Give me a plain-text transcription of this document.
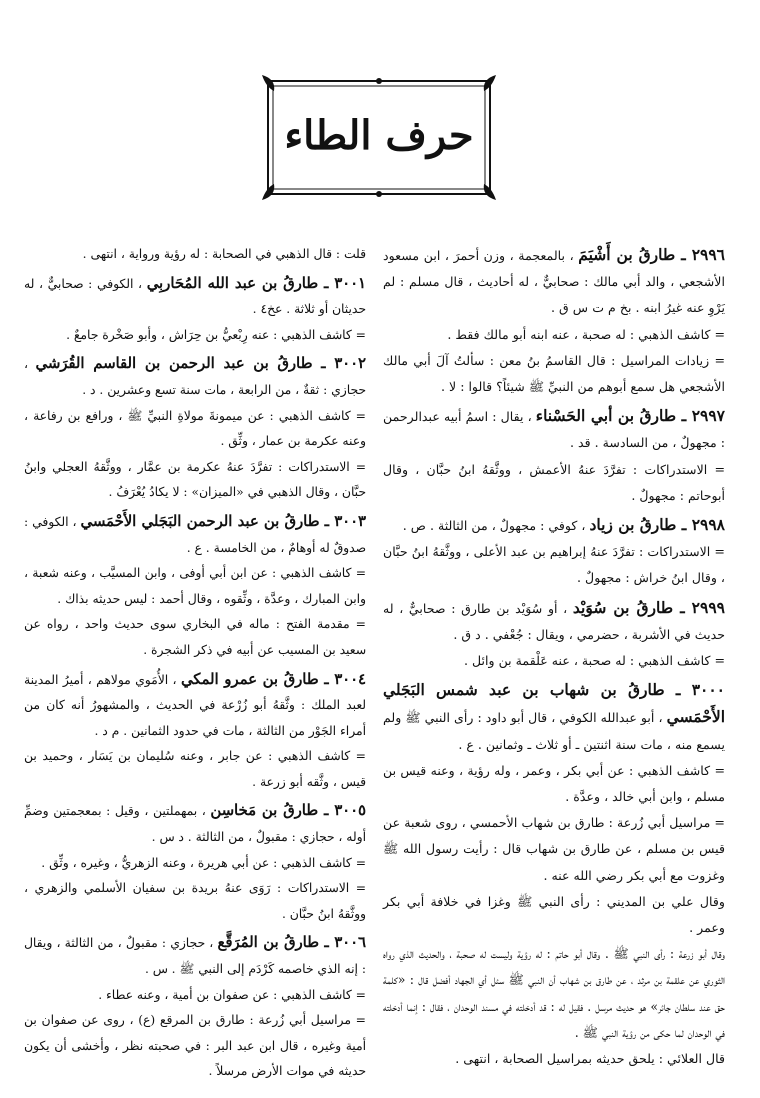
حرف الطاء

٢٩٩٦ ـ طارقُ بن أَشْيَمَ ، بالمعجمة ، وزن أحمرَ ، ابن مسعود الأشجعي ، والد أبي مالك : صحابيٌّ ، له أحاديث ، قال مسلم : لم يَرْوِ عنه غيرُ ابنه . بخ م ت س ق .

= كاشف الذهبي : له صحبة ، عنه ابنه أبو مالك فقط .

= زيادات المراسيل : قال القاسمُ بنُ معن : سألتُ آلَ أبي مالك الأشجعي هل سمع أبوهم من النبيِّ ﷺ شيئاً؟ قالوا : لا .

٢٩٩٧ ـ طارقُ بن أبي الحَسْناء ، يقال : اسمُ أبيه عبدالرحمن : مجهولٌ ، من السادسة . قد .

= الاستدراكات : تفرَّدَ عنهُ الأعمش ، ووثَّقهُ ابنُ حبَّان ، وقال أبوحاتم : مجهولٌ .

٢٩٩٨ ـ طارقُ بن زياد ، كوفي : مجهولٌ ، من الثالثة . ص .

= الاستدراكات : تفرَّدَ عنهُ إبراهيم بن عبد الأعلى ، ووثَّقهُ ابنُ حبَّان ، وقال ابنُ خراش : مجهولٌ .

٢٩٩٩ ـ طارقُ بن سُوَيْد ، أو سُوَيْد بن طارق : صحابيٌّ ، له حديث في الأشربة ، حضرمي ، ويقال : جُعْفي . د ق .

= كاشف الذهبي : له صحبة ، عنه عَلْقمة بن وائل .

٣٠٠٠ ـ طارقُ بن شهاب بن عبد شمس البَجَلي الأَحْمَسي ، أبو عبدالله الكوفي ، قال أبو داود : رأى النبي ﷺ ولم يسمع منه ، مات سنة اثنتين ـ أو ثلاث ـ وثمانين . ع .

= كاشف الذهبي : عن أبي بكر ، وعمر ، وله رؤية ، وعنه قيس بن مسلم ، وابن أبي خالد ، وعدَّة .

= مراسيل أبي زُرعة : طارق بن شهاب الأحمسي ، روى شعبة عن قيس بن مسلم ، عن طارق بن شهاب قال : رأيت رسول الله ﷺ وغزوت مع أبي بكر رضي الله عنه .

وقال علي بن المديني : رأى النبي ﷺ وغزا في خلافة أبي بكر وعمر .

وقال أبو زرعة : رأى النبي ﷺ . وقال أبو حاتم : له رؤية وليست له صحبة ، والحديث الذي رواه الثوري عن علقمة بن مرثد ، عن طارق بن شهاب أن النبي ﷺ سئل أي الجهاد أفضل قال : «كلمة حق عند سلطان جائر» هو حديث مرسل . فقيل له : قد أدخلته في مسند الوحدان ، فقال : إنما أدخلته في الوحدان لما حكى من رؤية النبي ﷺ .

قال العلائي : يلحق حديثه بمراسيل الصحابة ، انتهى .

قلت : قال الذهبي في الصحابة : له رؤية ورواية ، انتهى .

٣٠٠١ ـ طارقُ بن عبد الله المُحَاربِي ، الكوفي : صحابيٌّ ، له حديثان أو ثلاثة . عخ٤ .

= كاشف الذهبي : عنه رِبْعيُّ بن حِرَاش ، وأبو صَخْرة جامعٌ .

٣٠٠٢ ـ طارقُ بن عبد الرحمن بن القاسم القُرَشي ، حجازي : ثقةٌ ، من الرابعة ، مات سنة تسع وعشرين . د .

= كاشف الذهبي : عن ميمونةَ مولاةِ النبيِّ ﷺ ، ورافع بن رفاعة ، وعنه عكرمة بن عمار ، وثِّق .

= الاستدراكات : تفرَّدَ عنهُ عكرمة بن عمَّار ، ووثَّقهُ العجلي وابنُ حبَّان ، وقال الذهبي في «الميزان» : لا يكادُ يُعْرَفُ .

٣٠٠٣ ـ طارقُ بن عبد الرحمن البَجَلي الأَحْمَسي ، الكوفي : صدوقٌ له أوهامٌ ، من الخامسة . ع .

= كاشف الذهبي : عن ابن أبي أوفى ، وابن المسيَّب ، وعنه شعبة ، وابن المبارك ، وعدَّة ، وثِّقوه ، وقال أحمد : ليس حديثه بذاك .

= مقدمة الفتح : ماله في البخاري سوى حديث واحد ، رواه عن سعيد بن المسيب عن أبيه في ذكر الشجرة .

٣٠٠٤ ـ طارقُ بن عمرو المكي ، الأُمَوي مولاهم ، أميرُ المدينة لعبد الملك : وثَّقهُ أبو زُرْعة في الحديث ، والمشهورُ أنه كان من أمراء الجَوْر من الثالثة ، مات في حدود الثمانين . م د .

= كاشف الذهبي : عن جابر ، وعنه سُليمان بن يَسَار ، وحميد بن قيس ، وثَّقه أبو زرعة .

٣٠٠٥ ـ طارقُ بن مَخاسِن ، بمهملتين ، وقيل : بمعجمتين وضمِّ أوله ، حجازي : مقبولٌ ، من الثالثة . د س .

= كاشف الذهبي : عن أبي هريرة ، وعنه الزهريُّ ، وغيره ، وثِّق .

= الاستدراكات : رَوَى عنهُ بريدة بن سفيان الأسلمي والزهري ، ووثَّقهُ ابنُ حبَّان .

٣٠٠٦ ـ طارقُ بن المُرَقَّع ، حجازي : مقبولٌ ، من الثالثة ، ويقال : إنه الذي خاصمه كَرْدَم إلى النبي ﷺ . س .

= كاشف الذهبي : عن صفوان بن أمية ، وعنه عطاء .

= مراسيل أبي زُرعة : طارق بن المرقع (ع) ، روى عن صفوان بن أمية وغيره ، قال ابن عبد البر : في صحبته نظر ، وأخشى أن يكون حديثه في موات الأرض مرسلاً .
